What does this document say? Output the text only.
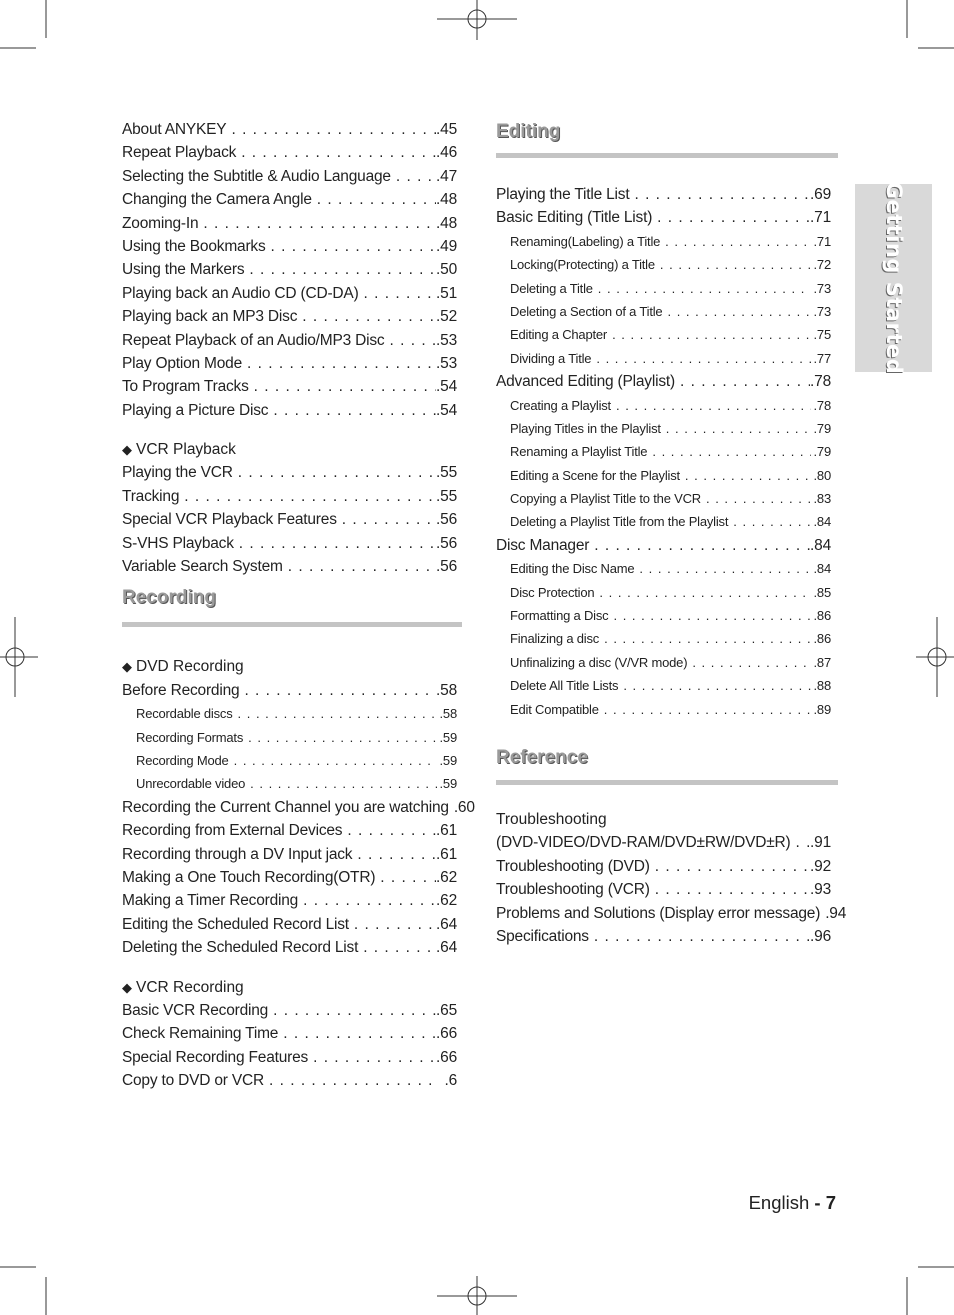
About ANYKEY . . .	.45
Repeat Playback . . .	.46
Selecting the Subtitle & Audio Language . . .	.47
Changing the Camera Angle . . .	.48
Zooming-In . . .	.48
Using the Bookmarks . . .	.49
Using the Markers . . .	.50
Playing back an Audio CD (CD-DA) . . .	.51
Playing back an MP3 Disc . . .	.52
Repeat Playback of an Audio/MP3 Disc . . .	.53
Play Option Mode . . .	.53
To Program Tracks . . .	.54
Playing a Picture Disc . . .	.54
◆ VCR Playback
Playing the VCR . . .	.55
Tracking . . .	.55
Special VCR Playback Features . . .	.56
S-VHS Playback . . .	.56
Variable Search System . . .	.56
Recording
◆ DVD Recording
Before Recording . . .	.58
Recordable discs . . .	.58
Recording Formats . . .	.59
Recording Mode . . .	.59
Unrecordable video . . .	.59
Recording the Current Channel you are watching .60
Recording from External Devices . . .	.61
Recording through a DV Input jack . . .	.61
Making a One Touch Recording(OTR) . . .	.62
Making a Timer Recording . . .	.62
Editing the Scheduled Record List . . .	.64
Deleting the Scheduled Record List . . .	.64
◆ VCR Recording
Basic VCR Recording . . .	.65
Check Remaining Time . . .	.66
Special Recording Features . . .	.66
Copy to DVD or VCR . . .	.6
Editing
Playing the Title List . . .	.69
Basic Editing (Title List) . . .	.71
Renaming(Labeling) a Title . . .	.71
Locking(Protecting) a Title . . .	.72
Deleting a Title . . .	.73
Deleting a Section of a Title . . .	.73
Editing a Chapter . . .	.75
Dividing a Title . . .	.77
Advanced Editing (Playlist) . . .	.78
Creating a Playlist . . .	.78
Playing Titles in the Playlist . . .	.79
Renaming a Playlist Title . . .	.79
Editing a Scene for the Playlist . . .	.80
Copying a Playlist Title to the VCR . . .	.83
Deleting a Playlist Title from the Playlist . . .	.84
Disc Manager . . .	.84
Editing the Disc Name . . .	.84
Disc Protection . . .	.85
Formatting a Disc . . .	.86
Finalizing a disc . . .	.86
Unfinalizing a disc (V/VR mode) . . .	.87
Delete All Title Lists . . .	.88
Edit Compatible . . .	.89
Reference
Troubleshooting
(DVD-VIDEO/DVD-RAM/DVD±RW/DVD±R) . . .	.91
Troubleshooting (DVD) . . .	.92
Troubleshooting (VCR) . . .	.93
Problems and Solutions (Display error message) .94
Specifications . . .	.96
Getting Started
English - 7
